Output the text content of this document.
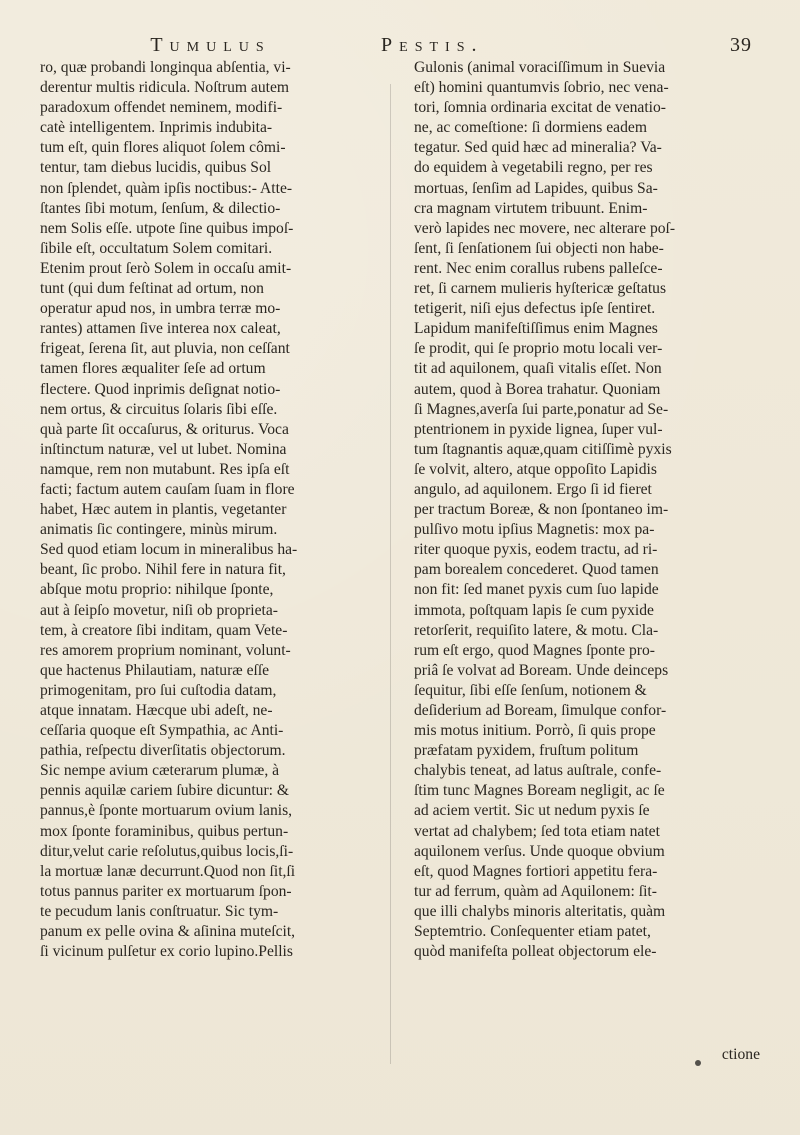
Tumulus	Pestis.	39
ro, quæ probandi longinqua abſentia, vi-
derentur multis ridicula. Noſtrum autem
paradoxum offendet neminem, modifi-
catè intelligentem. Inprimis indubita-
tum eſt, quin flores aliquot ſolem cômi-
tentur, tam diebus lucidis, quibus Sol
non ſplendet, quàm ipſis noctibus:- Atte-
ſtantes ſibi motum, ſenſum, & dilectio-
nem Solis eſſe. utpote ſine quibus impoſ-
ſibile eſt, occultatum Solem comitari.
Etenim prout ſerò Solem in occaſu amit-
tunt (qui dum feſtinat ad ortum, non
operatur apud nos, in umbra terræ mo-
rantes) attamen ſive interea nox caleat,
frigeat, ſerena ſit, aut pluvia, non ceſſant
tamen flores æqualiter ſeſe ad ortum
flectere. Quod inprimis deſignat notio-
nem ortus, & circuitus ſolaris ſibi eſſe.
quà parte ſit occaſurus, & oriturus. Voca
inſtinctum naturæ, vel ut lubet. Nomina
namque, rem non mutabunt. Res ipſa eſt
facti; factum autem cauſam ſuam in flore
habet, Hæc autem in plantis, vegetanter
animatis ſic contingere, minùs mirum.
Sed quod etiam locum in mineralibus ha-
beant, ſic probo. Nihil fere in natura fit,
abſque motu proprio: nihilque ſponte,
aut à ſeipſo movetur, niſi ob proprieta-
tem, à creatore ſibi inditam, quam Vete-
res amorem proprium nominant, volunt-
que hactenus Philautiam, naturæ eſſe
primogenitam, pro ſui cuſtodia datam,
atque innatam. Hæcque ubi adeſt, ne-
ceſſaria quoque eſt Sympathia, ac Anti-
pathia, reſpectu diverſitatis objectorum.
Sic nempe avium cæterarum plumæ, à
pennis aquilæ cariem ſubire dicuntur: &
pannus,è ſponte mortuarum ovium lanis,
mox ſponte foraminibus, quibus pertun-
ditur,velut carie reſolutus,quibus locis,ſi-
la mortuæ lanæ decurrunt.Quod non ſit,ſi
totus pannus pariter ex mortuarum ſpon-
te pecudum lanis conſtruatur. Sic tym-
panum ex pelle ovina & aſinina muteſcit,
ſi vicinum pulſetur ex corio lupino.Pellis
Gulonis (animal voraciſſimum in Suevia
eſt) homini quantumvis ſobrio, nec vena-
tori, ſomnia ordinaria excitat de venatio-
ne, ac comeſtione: ſi dormiens eadem
tegatur. Sed quid hæc ad mineralia? Va-
do equidem à vegetabili regno, per res
mortuas, ſenſim ad Lapides, quibus Sa-
cra magnam virtutem tribuunt. Enim-
verò lapides nec movere, nec alterare poſ-
ſent, ſi ſenſationem ſui objecti non habe-
rent. Nec enim corallus rubens palleſce-
ret, ſi carnem mulieris hyſtericæ geſtatus
tetigerit, niſi ejus defectus ipſe ſentiret.
Lapidum manifeſtiſſimus enim Magnes
ſe prodit, qui ſe proprio motu locali ver-
tit ad aquilonem, quaſi vitalis eſſet. Non
autem, quod à Borea trahatur. Quoniam
ſi Magnes,averſa ſui parte,ponatur ad Se-
ptentrionem in pyxide lignea, ſuper vul-
tum ſtagnantis aquæ,quam citiſſimè pyxis
ſe volvit, altero, atque oppoſito Lapidis
angulo, ad aquilonem. Ergo ſi id fieret
per tractum Boreæ, & non ſpontaneo im-
pulſivo motu ipſius Magnetis: mox pa-
riter quoque pyxis, eodem tractu, ad ri-
pam borealem concederet. Quod tamen
non fit: ſed manet pyxis cum ſuo lapide
immota, poſtquam lapis ſe cum pyxide
retorſerit, requiſito latere, & motu. Cla-
rum eſt ergo, quod Magnes ſponte pro-
priâ ſe volvat ad Boream. Unde deinceps
ſequitur, ſibi eſſe ſenſum, notionem &
deſiderium ad Boream, ſimulque confor-
mis motus initium. Porrò, ſi quis prope
præfatam pyxidem, fruſtum politum
chalybis teneat, ad latus auſtrale, confe-
ſtim tunc Magnes Boream negligit, ac ſe
ad aciem vertit. Sic ut nedum pyxis ſe
vertat ad chalybem; ſed tota etiam natet
aquilonem verſus. Unde quoque obvium
eſt, quod Magnes fortiori appetitu fera-
tur ad ferrum, quàm ad Aquilonem: ſit-
que illi chalybs minoris alteritatis, quàm
Septemtrio. Conſequenter etiam patet,
quòd manifeſta polleat objectorum ele-
ctione
